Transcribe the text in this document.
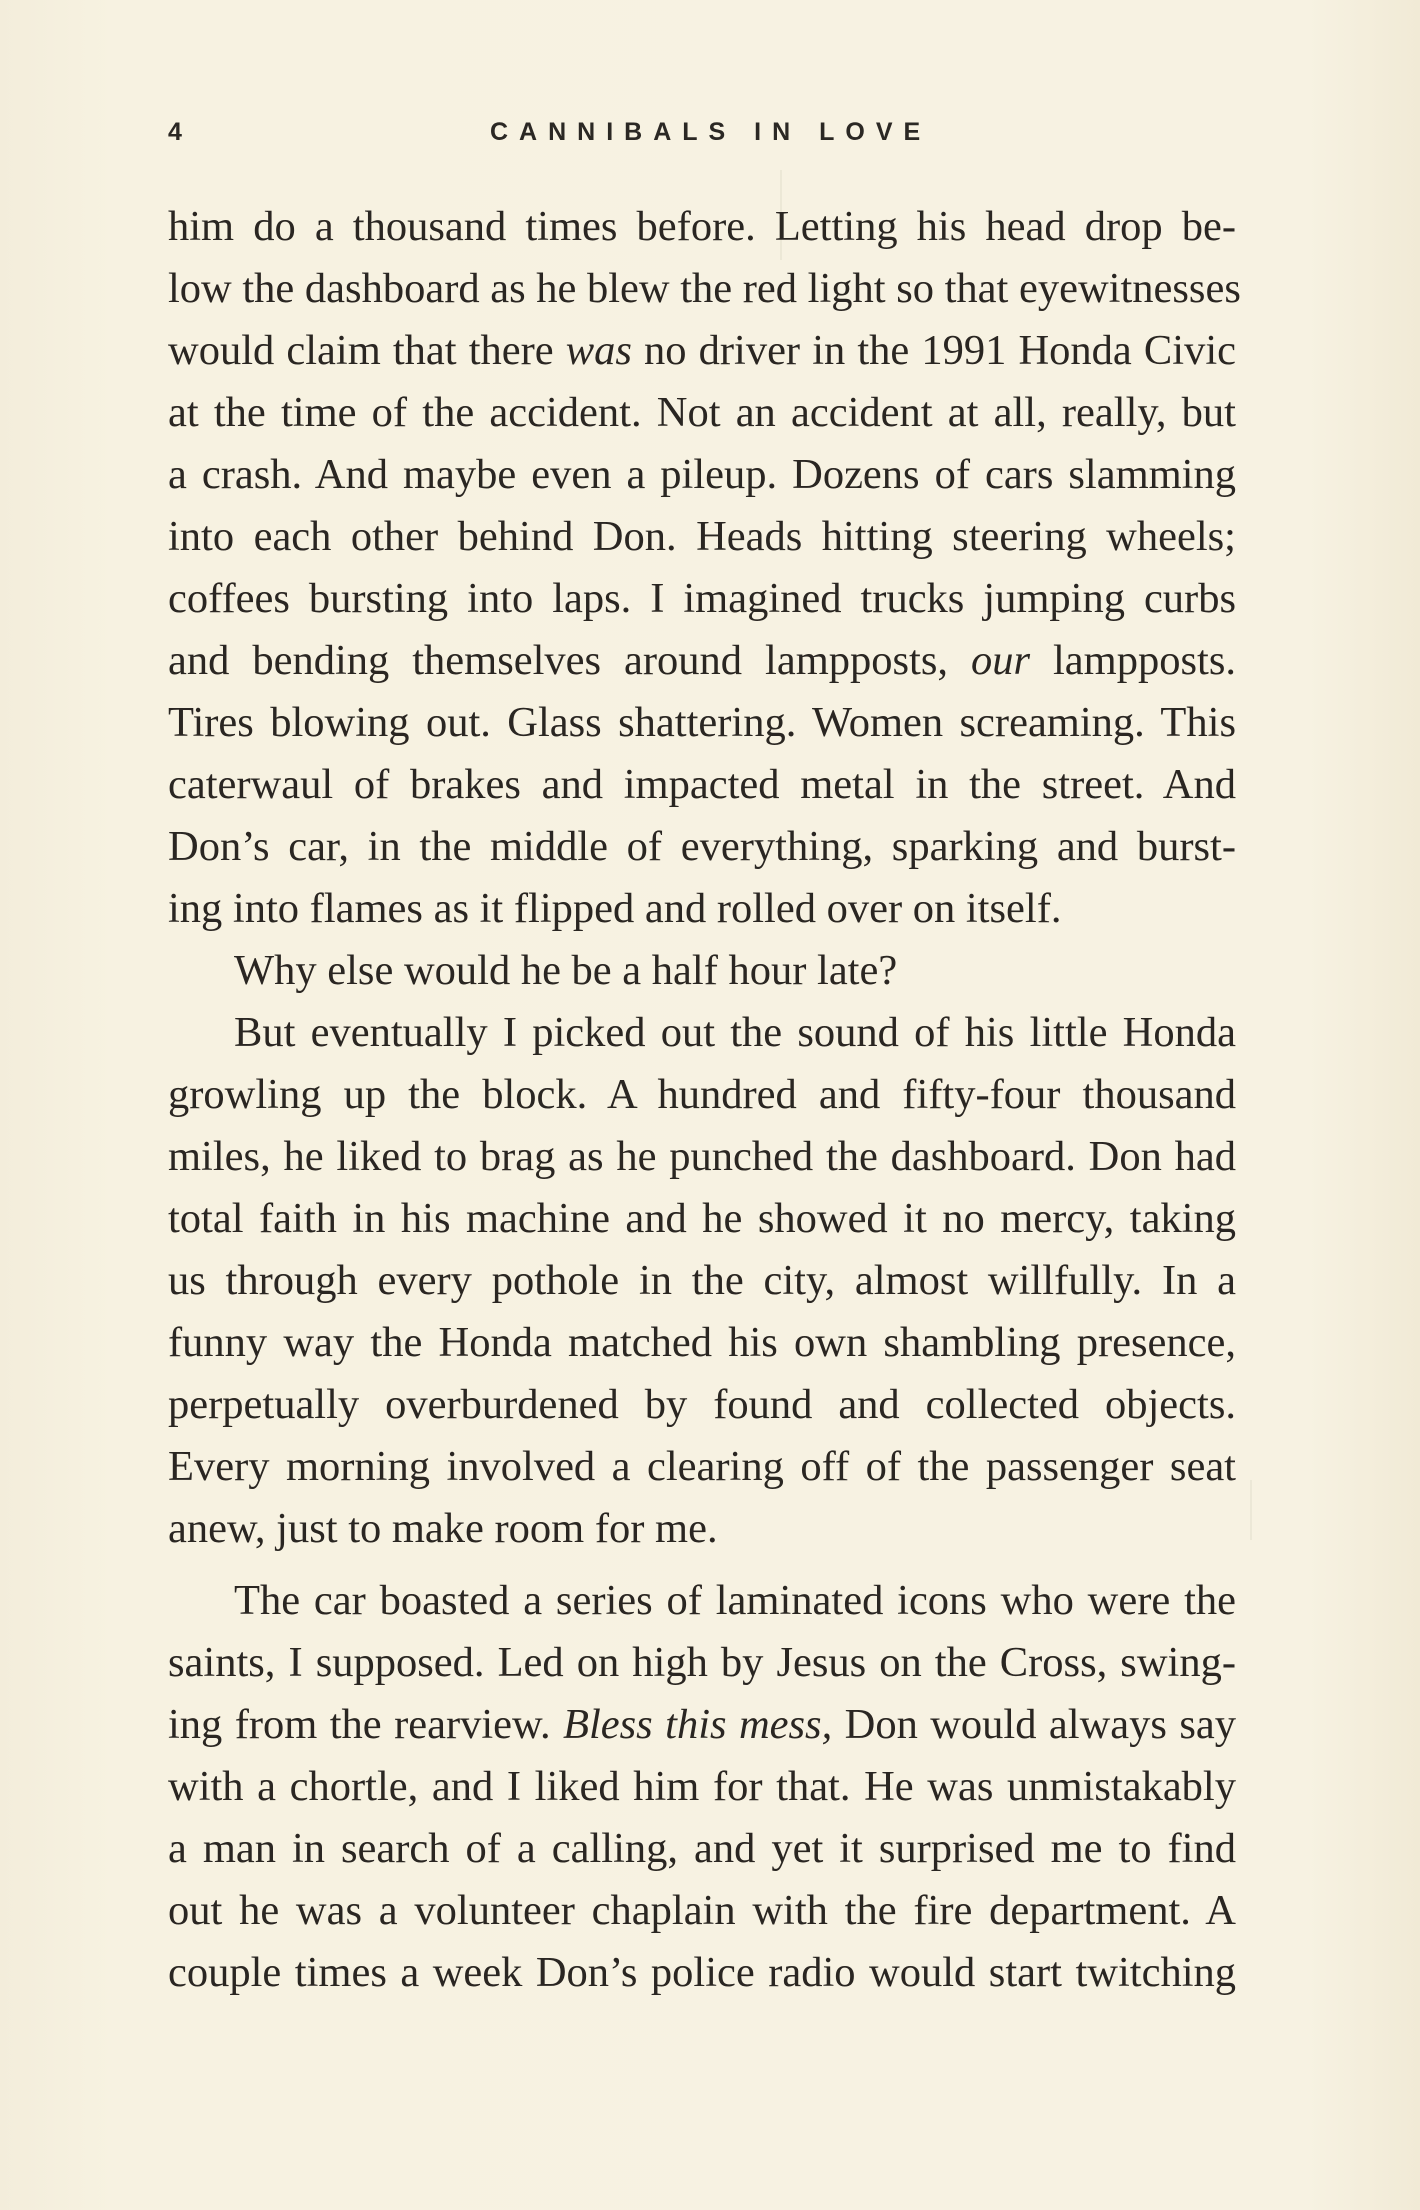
4	CANNIBALS IN LOVE
him do a thousand times before. Letting his head drop be-
low the dashboard as he blew the red light so that eyewitnesses
would claim that there was no driver in the 1991 Honda Civic
at the time of the accident. Not an accident at all, really, but
a crash. And maybe even a pileup. Dozens of cars slamming
into each other behind Don. Heads hitting steering wheels;
coffees bursting into laps. I imagined trucks jumping curbs
and bending themselves around lampposts, our lampposts.
Tires blowing out. Glass shattering. Women screaming. This
caterwaul of brakes and impacted metal in the street. And
Don’s car, in the middle of everything, sparking and burst-
ing into flames as it flipped and rolled over on itself.
Why else would he be a half hour late?
But eventually I picked out the sound of his little Honda
growling up the block. A hundred and fifty-four thousand
miles, he liked to brag as he punched the dashboard. Don had
total faith in his machine and he showed it no mercy, taking
us through every pothole in the city, almost willfully. In a
funny way the Honda matched his own shambling presence,
perpetually overburdened by found and collected objects.
Every morning involved a clearing off of the passenger seat
anew, just to make room for me.
The car boasted a series of laminated icons who were the
saints, I supposed. Led on high by Jesus on the Cross, swing-
ing from the rearview. Bless this mess, Don would always say
with a chortle, and I liked him for that. He was unmistakably
a man in search of a calling, and yet it surprised me to find
out he was a volunteer chaplain with the fire department. A
couple times a week Don’s police radio would start twitching
